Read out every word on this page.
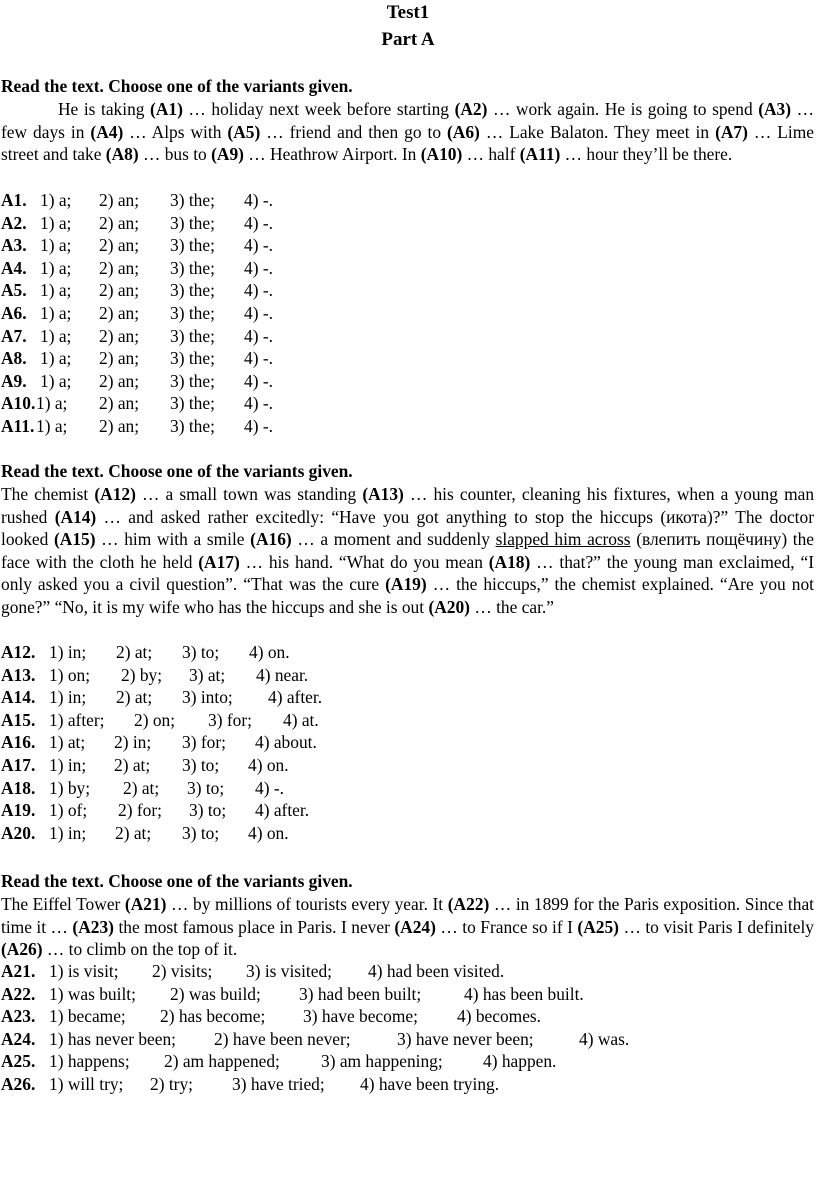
Test1
Part A
Read the text. Choose one of the variants given.
He is taking (A1) … holiday next week before starting (A2) … work again. He is going to spend (A3) … few days in (A4) … Alps with (A5) … friend and then go to (A6) … Lake Balaton. They meet in (A7) … Lime street and take (A8) … bus to (A9) … Heathrow Airport. In (A10) … half (A11) … hour they’ll be there.
A1. 1) a; 2) an; 3) the; 4) -.
A2. 1) a; 2) an; 3) the; 4) -.
A3. 1) a; 2) an; 3) the; 4) -.
A4. 1) a; 2) an; 3) the; 4) -.
A5. 1) a; 2) an; 3) the; 4) -.
A6. 1) a; 2) an; 3) the; 4) -.
A7. 1) a; 2) an; 3) the; 4) -.
A8. 1) a; 2) an; 3) the; 4) -.
A9. 1) a; 2) an; 3) the; 4) -.
A10. 1) a; 2) an; 3) the; 4) -.
A11. 1) a; 2) an; 3) the; 4) -.
Read the text. Choose one of the variants given.
The chemist (A12) … a small town was standing (A13) … his counter, cleaning his fixtures, when a young man rushed (A14) … and asked rather excitedly: “Have you got anything to stop the hiccups (икота)?” The doctor looked (A15) … him with a smile (A16) … a moment and suddenly slapped him across (влепить пощёчину) the face with the cloth he held (A17) … his hand. “What do you mean (A18) … that?” the young man exclaimed, “I only asked you a civil question”. “That was the cure (A19) … the hiccups,” the chemist explained. “Are you not gone?” “No, it is my wife who has the hiccups and she is out (A20) … the car.”
A12. 1) in; 2) at; 3) to; 4) on.
A13. 1) on; 2) by; 3) at; 4) near.
A14. 1) in; 2) at; 3) into; 4) after.
A15. 1) after; 2) on; 3) for; 4) at.
A16. 1) at; 2) in; 3) for; 4) about.
A17. 1) in; 2) at; 3) to; 4) on.
A18. 1) by; 2) at; 3) to; 4) -.
A19. 1) of; 2) for; 3) to; 4) after.
A20. 1) in; 2) at; 3) to; 4) on.
Read the text. Choose one of the variants given.
The Eiffel Tower (A21) … by millions of tourists every year. It (A22) … in 1899 for the Paris exposition. Since that time it … (A23) the most famous place in Paris. I never (A24) … to France so if I (A25) … to visit Paris I definitely (A26) … to climb on the top of it.
A21. 1) is visit; 2) visits; 3) is visited; 4) had been visited.
A22. 1) was built; 2) was build; 3) had been built; 4) has been built.
A23. 1) became; 2) has become; 3) have become; 4) becomes.
A24. 1) has never been; 2) have been never;	3) have never been;	4) was.
A25. 1) happens; 2) am happened; 3) am happening; 4) happen.
A26. 1) will try; 2) try; 3) have tried; 4) have been trying.
